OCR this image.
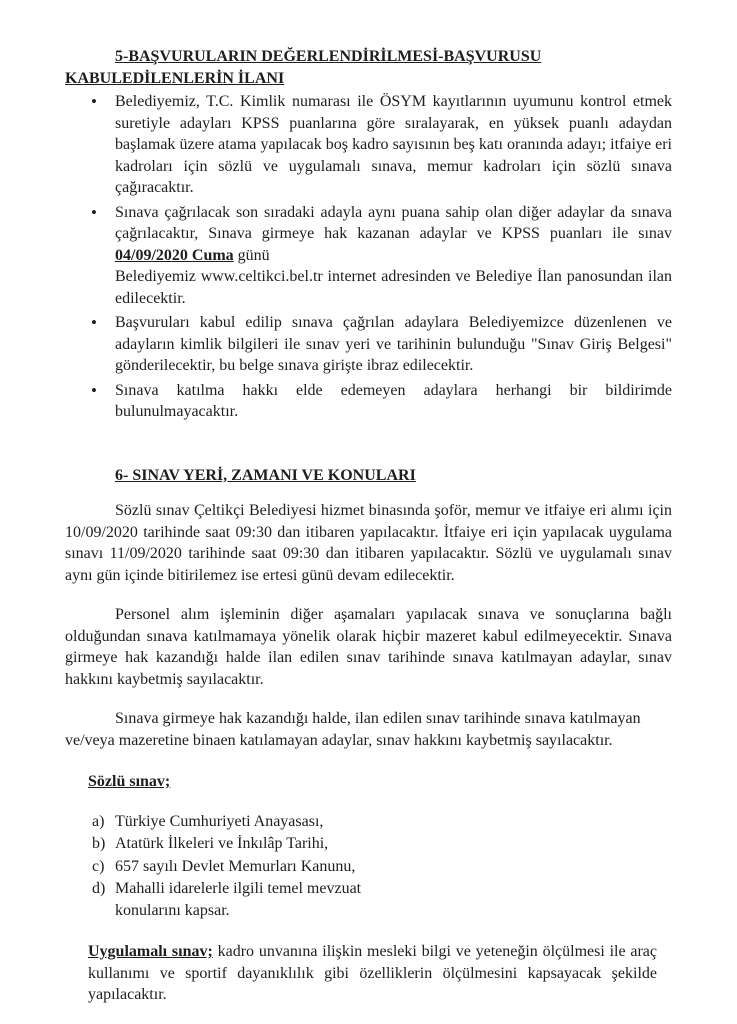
5-BAŞVURULARIN DEĞERLENDİRİLMESİ-BAŞVURUSU
KABULEDİLENLERİN İLANI
•
Belediyemiz, T.C. Kimlik numarası ile ÖSYM kayıtlarının uyumunu kontrol etmek suretiyle adayları KPSS puanlarına göre sıralayarak, en yüksek puanlı adaydan başlamak üzere atama yapılacak boş kadro sayısının beş katı oranında adayı; itfaiye eri kadroları için sözlü ve uygulamalı sınava, memur kadroları için sözlü sınava çağıracaktır.
•
Sınava çağrılacak son sıradaki adayla aynı puana sahip olan diğer adaylar da sınava çağrılacaktır, Sınava girmeye hak kazanan adaylar ve KPSS puanları ile sınav 04/09/2020 Cuma günü
Belediyemiz www.celtikci.bel.tr internet adresinden ve Belediye İlan panosundan ilan edilecektir.
•
Başvuruları kabul edilip sınava çağrılan adaylara Belediyemizce düzenlenen ve adayların kimlik bilgileri ile sınav yeri ve tarihinin bulunduğu "Sınav Giriş Belgesi" gönderilecektir, bu belge sınava girişte ibraz edilecektir.
•
Sınava katılma hakkı elde edemeyen adaylara herhangi bir bildirimde bulunulmayacaktır.
6- SINAV YERİ, ZAMANI VE KONULARI

Sözlü sınav Çeltikçi Belediyesi hizmet binasında şoför, memur ve itfaiye eri alımı için 10/09/2020 tarihinde saat 09:30 dan itibaren yapılacaktır. İtfaiye eri için yapılacak uygulama sınavı 11/09/2020 tarihinde saat 09:30 dan itibaren yapılacaktır. Sözlü ve uygulamalı sınav aynı gün içinde bitirilemez ise ertesi günü devam edilecektir.

Personel alım işleminin diğer aşamaları yapılacak sınava ve sonuçlarına bağlı olduğundan sınava katılmamaya yönelik olarak hiçbir mazeret kabul edilmeyecektir. Sınava girmeye hak kazandığı halde ilan edilen sınav tarihinde sınava katılmayan adaylar, sınav hakkını kaybetmiş sayılacaktır.

Sınava girmeye hak kazandığı halde, ilan edilen sınav tarihinde sınava katılmayan ve/veya mazeretine binaen katılamayan adaylar, sınav hakkını kaybetmiş sayılacaktır.

Sözlü sınav;
a) Türkiye Cumhuriyeti Anayasası,
b) Atatürk İlkeleri ve İnkılâp Tarihi,
c) 657 sayılı Devlet Memurları Kanunu,
d) Mahalli idarelerle ilgili temel mevzuat
konularını kapsar.

Uygulamalı sınav; kadro unvanına ilişkin mesleki bilgi ve yeteneğin ölçülmesi ile araç kullanımı ve sportif dayanıklılık gibi özelliklerin ölçülmesini kapsayacak şekilde yapılacaktır.
